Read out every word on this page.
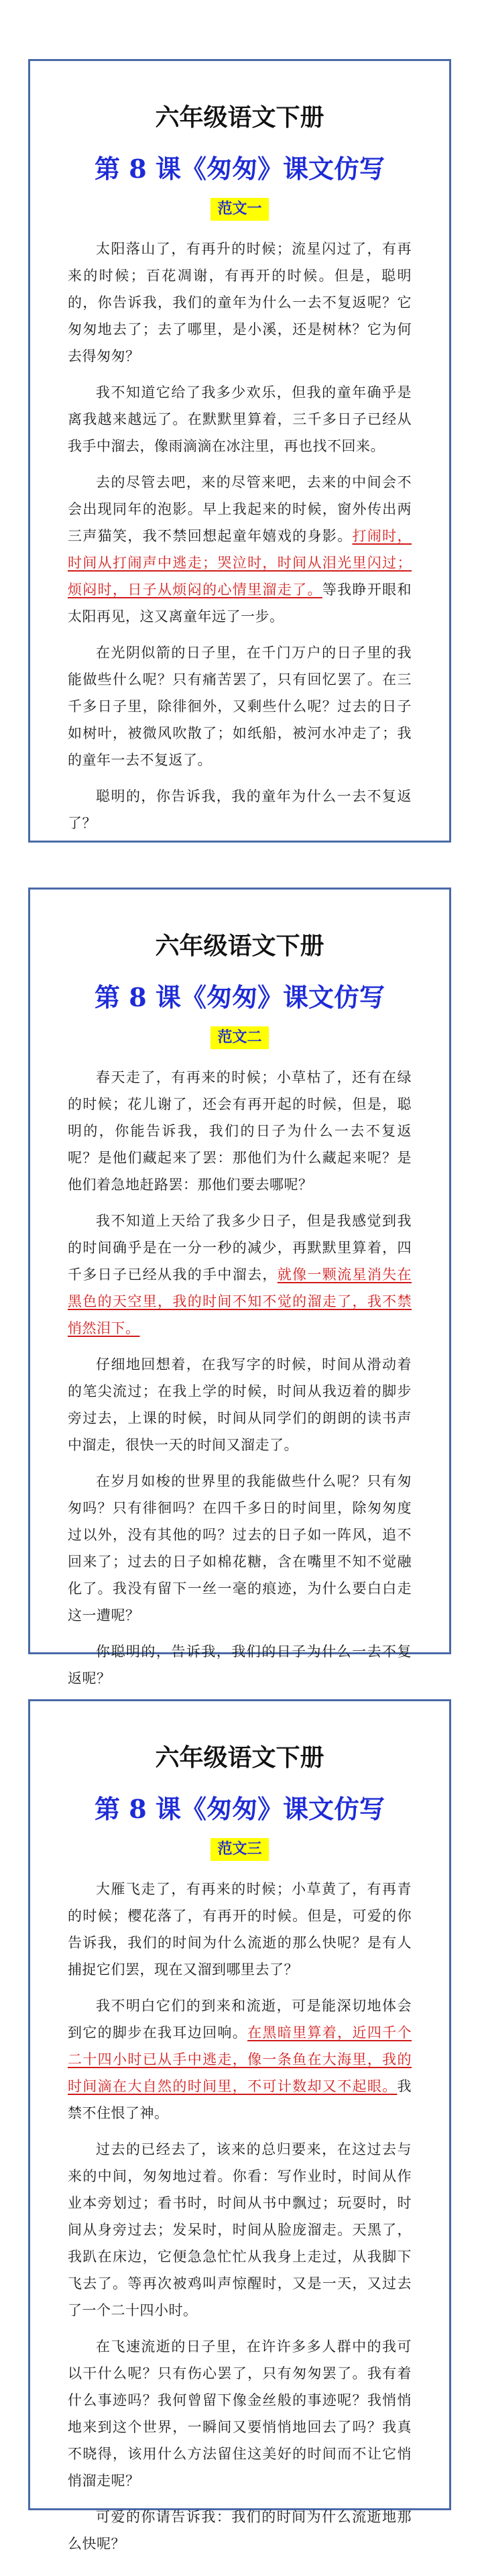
六年级语文下册
第 8 课《匆匆》课文仿写
范文一

太阳落山了，有再升的时候；流星闪过了，有再来的时候；百花凋谢，有再开的时候。但是，聪明的，你告诉我，我们的童年为什么一去不复返呢？它匆匆地去了；去了哪里，是小溪，还是树林？它为何去得匆匆？

我不知道它给了我多少欢乐，但我的童年确乎是离我越来越远了。在默默里算着，三千多日子已经从我手中溜去，像雨滴滴在冰注里，再也找不回来。

去的尽管去吧，来的尽管来吧，去来的中间会不会出现同年的泡影。早上我起来的时候，窗外传出两三声猫笑，我不禁回想起童年嬉戏的身影。打闹时，时间从打闹声中逃走；哭泣时，时间从泪光里闪过；烦闷时，日子从烦闷的心情里溜走了。等我睁开眼和太阳再见，这又离童年远了一步。

在光阴似箭的日子里，在千门万户的日子里的我能做些什么呢？只有痛苦罢了，只有回忆罢了。在三千多日子里，除徘徊外，又剩些什么呢？过去的日子如树叶，被微风吹散了；如纸船，被河水冲走了；我的童年一去不复返了。

聪明的，你告诉我，我的童年为什么一去不复返了？

六年级语文下册
第 8 课《匆匆》课文仿写
范文二

春天走了，有再来的时候；小草枯了，还有在绿的时候；花儿谢了，还会有再开起的时候，但是，聪明的，你能告诉我，我们的日子为什么一去不复返呢？是他们藏起来了罢：那他们为什么藏起来呢？是他们着急地赶路罢：那他们要去哪呢？

我不知道上天给了我多少日子，但是我感觉到我的时间确乎是在一分一秒的减少，再默默里算着，四千多日子已经从我的手中溜去，就像一颗流星消失在黑色的天空里，我的时间不知不觉的溜走了，我不禁悄然泪下。

仔细地回想着，在我写字的时候，时间从滑动着的笔尖流过；在我上学的时候，时间从我迈着的脚步旁过去，上课的时候，时间从同学们的朗朗的读书声中溜走，很快一天的时间又溜走了。

在岁月如梭的世界里的我能做些什么呢？只有匆匆吗？只有徘徊吗？在四千多日的时间里，除匆匆度过以外，没有其他的吗？过去的日子如一阵风，追不回来了；过去的日子如棉花糖，含在嘴里不知不觉融化了。我没有留下一丝一毫的痕迹，为什么要白白走这一遭呢？

你聪明的，告诉我，我们的日子为什么一去不复返呢？

六年级语文下册
第 8 课《匆匆》课文仿写
范文三

大雁飞走了，有再来的时候；小草黄了，有再青的时候；樱花落了，有再开的时候。但是，可爱的你告诉我，我们的时间为什么流逝的那么快呢？是有人捕捉它们罢，现在又溜到哪里去了？

我不明白它们的到来和流逝，可是能深切地体会到它的脚步在我耳边回响。在黑暗里算着，近四千个二十四小时已从手中逃走，像一条鱼在大海里，我的时间滴在大自然的时间里，不可计数却又不起眼。我禁不住恨了神。

过去的已经去了，该来的总归要来，在这过去与来的中间，匆匆地过着。你看：写作业时，时间从作业本旁划过；看书时，时间从书中飘过；玩耍时，时间从身旁过去；发呆时，时间从脸庞溜走。天黑了，我趴在床边，它便急急忙忙从我身上走过，从我脚下飞去了。等再次被鸡叫声惊醒时，又是一天，又过去了一个二十四小时。

在飞速流逝的日子里，在许许多多人群中的我可以干什么呢？只有伤心罢了，只有匆匆罢了。我有着什么事迹吗？我何曾留下像金丝般的事迹呢？我悄悄地来到这个世界，一瞬间又要悄悄地回去了吗？我真不晓得，该用什么方法留住这美好的时间而不让它悄悄溜走呢？

可爱的你请告诉我：我们的时间为什么流逝地那么快呢？
